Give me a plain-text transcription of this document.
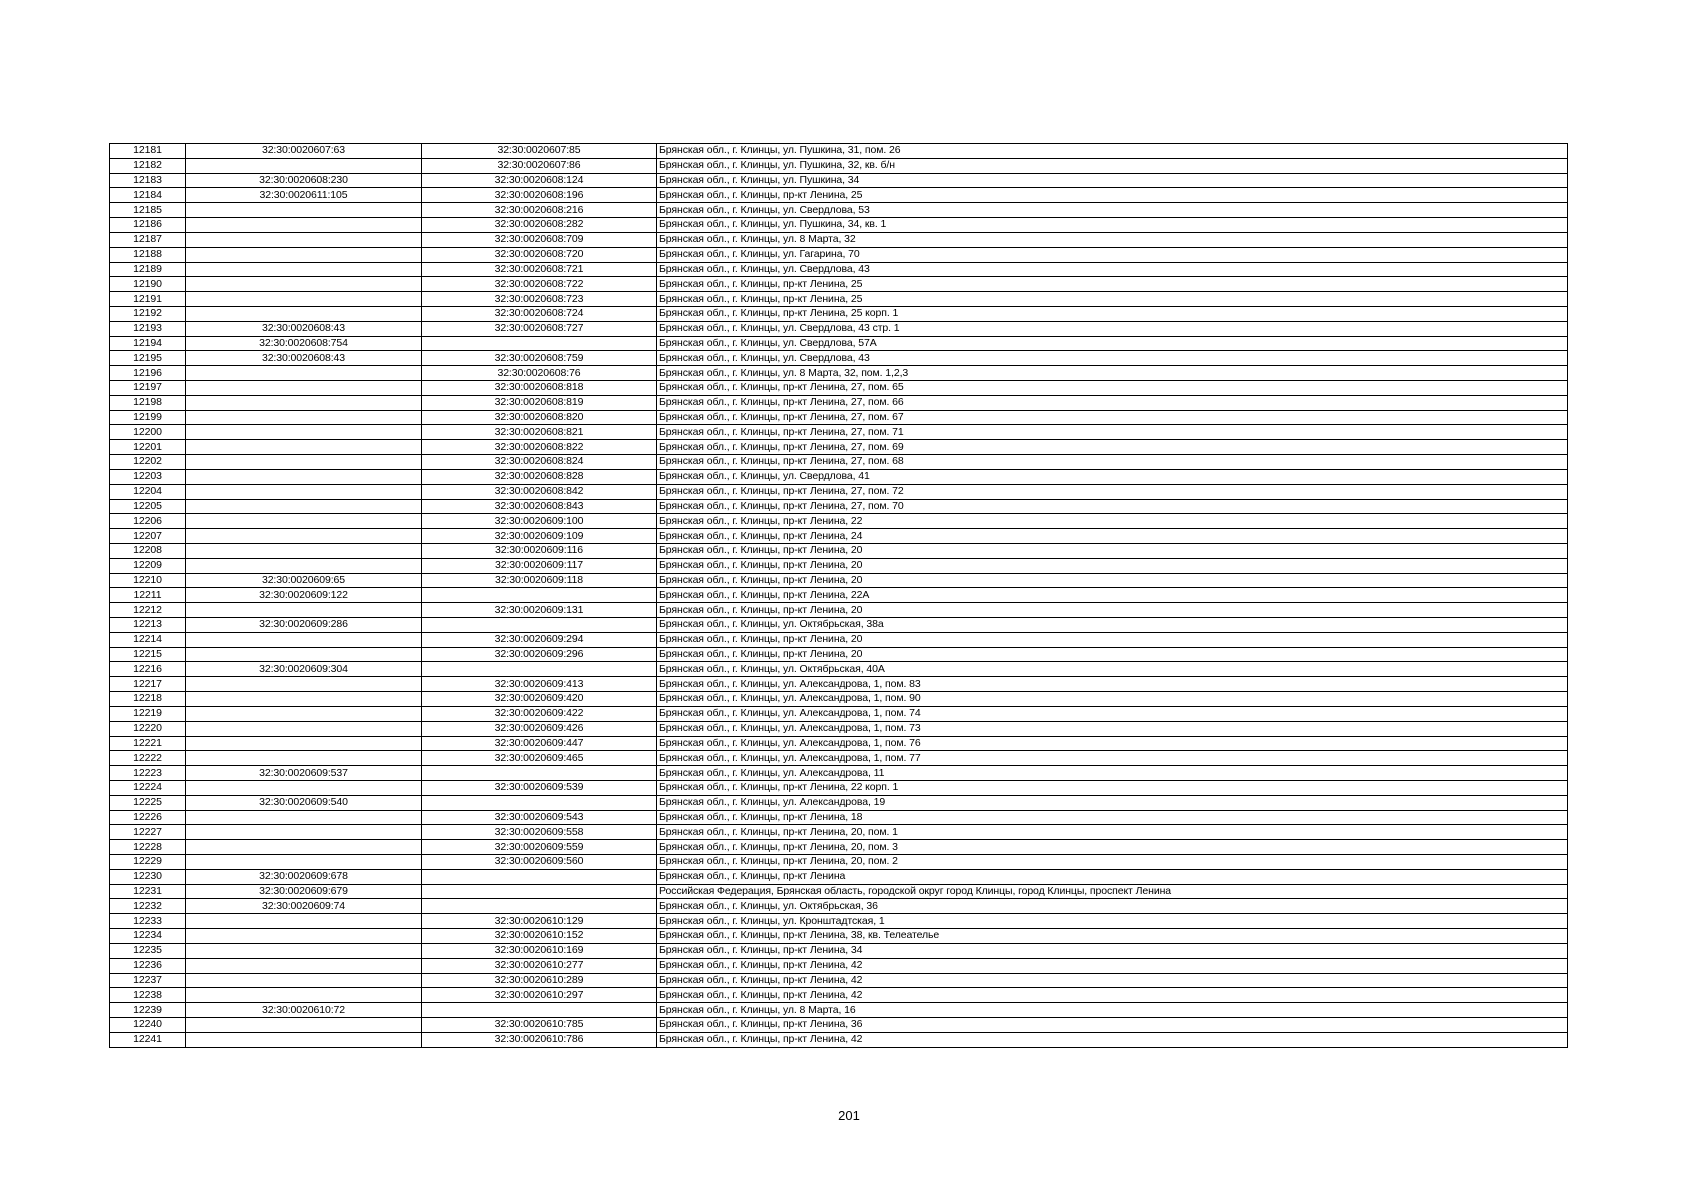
12181	32:30:0020607:63	32:30:0020607:85	Брянская обл., г. Клинцы, ул. Пушкина, 31, пом. 26
12182		32:30:0020607:86	Брянская обл., г. Клинцы, ул. Пушкина, 32, кв. б/н
12183	32:30:0020608:230	32:30:0020608:124	Брянская обл., г. Клинцы, ул. Пушкина, 34
12184	32:30:0020611:105	32:30:0020608:196	Брянская обл., г. Клинцы, пр-кт Ленина, 25
12185		32:30:0020608:216	Брянская обл., г. Клинцы, ул. Свердлова, 53
12186		32:30:0020608:282	Брянская обл., г. Клинцы, ул. Пушкина, 34, кв. 1
12187		32:30:0020608:709	Брянская обл., г. Клинцы, ул. 8 Марта, 32
12188		32:30:0020608:720	Брянская обл., г. Клинцы, ул. Гагарина, 70
12189		32:30:0020608:721	Брянская обл., г. Клинцы, ул. Свердлова, 43
12190		32:30:0020608:722	Брянская обл., г. Клинцы, пр-кт Ленина, 25
12191		32:30:0020608:723	Брянская обл., г. Клинцы, пр-кт Ленина, 25
12192		32:30:0020608:724	Брянская обл., г. Клинцы, пр-кт Ленина, 25 корп. 1
12193	32:30:0020608:43	32:30:0020608:727	Брянская обл., г. Клинцы, ул. Свердлова, 43 стр. 1
12194	32:30:0020608:754		Брянская обл., г. Клинцы, ул. Свердлова, 57А
12195	32:30:0020608:43	32:30:0020608:759	Брянская обл., г. Клинцы, ул. Свердлова, 43
12196		32:30:0020608:76	Брянская обл., г. Клинцы, ул. 8 Марта, 32, пом. 1,2,3
12197		32:30:0020608:818	Брянская обл., г. Клинцы, пр-кт Ленина, 27, пом. 65
12198		32:30:0020608:819	Брянская обл., г. Клинцы, пр-кт Ленина, 27, пом. 66
12199		32:30:0020608:820	Брянская обл., г. Клинцы, пр-кт Ленина, 27, пом. 67
12200		32:30:0020608:821	Брянская обл., г. Клинцы, пр-кт Ленина, 27, пом. 71
12201		32:30:0020608:822	Брянская обл., г. Клинцы, пр-кт Ленина, 27, пом. 69
12202		32:30:0020608:824	Брянская обл., г. Клинцы, пр-кт Ленина, 27, пом. 68
12203		32:30:0020608:828	Брянская обл., г. Клинцы, ул. Свердлова, 41
12204		32:30:0020608:842	Брянская обл., г. Клинцы, пр-кт Ленина, 27, пом. 72
12205		32:30:0020608:843	Брянская обл., г. Клинцы, пр-кт Ленина, 27, пом. 70
12206		32:30:0020609:100	Брянская обл., г. Клинцы, пр-кт Ленина, 22
12207		32:30:0020609:109	Брянская обл., г. Клинцы, пр-кт Ленина, 24
12208		32:30:0020609:116	Брянская обл., г. Клинцы, пр-кт Ленина, 20
12209		32:30:0020609:117	Брянская обл., г. Клинцы, пр-кт Ленина, 20
12210	32:30:0020609:65	32:30:0020609:118	Брянская обл., г. Клинцы, пр-кт Ленина, 20
12211	32:30:0020609:122		Брянская обл., г. Клинцы, пр-кт Ленина, 22А
12212		32:30:0020609:131	Брянская обл., г. Клинцы, пр-кт Ленина, 20
12213	32:30:0020609:286		Брянская обл., г. Клинцы, ул. Октябрьская, 38а
12214		32:30:0020609:294	Брянская обл., г. Клинцы, пр-кт Ленина, 20
12215		32:30:0020609:296	Брянская обл., г. Клинцы, пр-кт Ленина, 20
12216	32:30:0020609:304		Брянская обл., г. Клинцы, ул. Октябрьская, 40А
12217		32:30:0020609:413	Брянская обл., г. Клинцы, ул. Александрова, 1, пом. 83
12218		32:30:0020609:420	Брянская обл., г. Клинцы, ул. Александрова, 1, пом. 90
12219		32:30:0020609:422	Брянская обл., г. Клинцы, ул. Александрова, 1, пом. 74
12220		32:30:0020609:426	Брянская обл., г. Клинцы, ул. Александрова, 1, пом. 73
12221		32:30:0020609:447	Брянская обл., г. Клинцы, ул. Александрова, 1, пом. 76
12222		32:30:0020609:465	Брянская обл., г. Клинцы, ул. Александрова, 1, пом. 77
12223	32:30:0020609:537		Брянская обл., г. Клинцы, ул. Александрова, 11
12224		32:30:0020609:539	Брянская обл., г. Клинцы, пр-кт Ленина, 22 корп. 1
12225	32:30:0020609:540		Брянская обл., г. Клинцы, ул. Александрова, 19
12226		32:30:0020609:543	Брянская обл., г. Клинцы, пр-кт Ленина, 18
12227		32:30:0020609:558	Брянская обл., г. Клинцы, пр-кт Ленина, 20, пом. 1
12228		32:30:0020609:559	Брянская обл., г. Клинцы, пр-кт Ленина, 20, пом. 3
12229		32:30:0020609:560	Брянская обл., г. Клинцы, пр-кт Ленина, 20, пом. 2
12230	32:30:0020609:678		Брянская обл., г. Клинцы, пр-кт Ленина
12231	32:30:0020609:679		Российская Федерация, Брянская область, городской округ город Клинцы, город Клинцы, проспект Ленина
12232	32:30:0020609:74		Брянская обл., г. Клинцы, ул. Октябрьская, 36
12233		32:30:0020610:129	Брянская обл., г. Клинцы, ул. Кронштадтская, 1
12234		32:30:0020610:152	Брянская обл., г. Клинцы, пр-кт Ленина, 38, кв. Телеателье
12235		32:30:0020610:169	Брянская обл., г. Клинцы, пр-кт Ленина, 34
12236		32:30:0020610:277	Брянская обл., г. Клинцы, пр-кт Ленина, 42
12237		32:30:0020610:289	Брянская обл., г. Клинцы, пр-кт Ленина, 42
12238		32:30:0020610:297	Брянская обл., г. Клинцы, пр-кт Ленина, 42
12239	32:30:0020610:72		Брянская обл., г. Клинцы, ул. 8 Марта, 16
12240		32:30:0020610:785	Брянская обл., г. Клинцы, пр-кт Ленина, 36
12241		32:30:0020610:786	Брянская обл., г. Клинцы, пр-кт Ленина, 42
201
